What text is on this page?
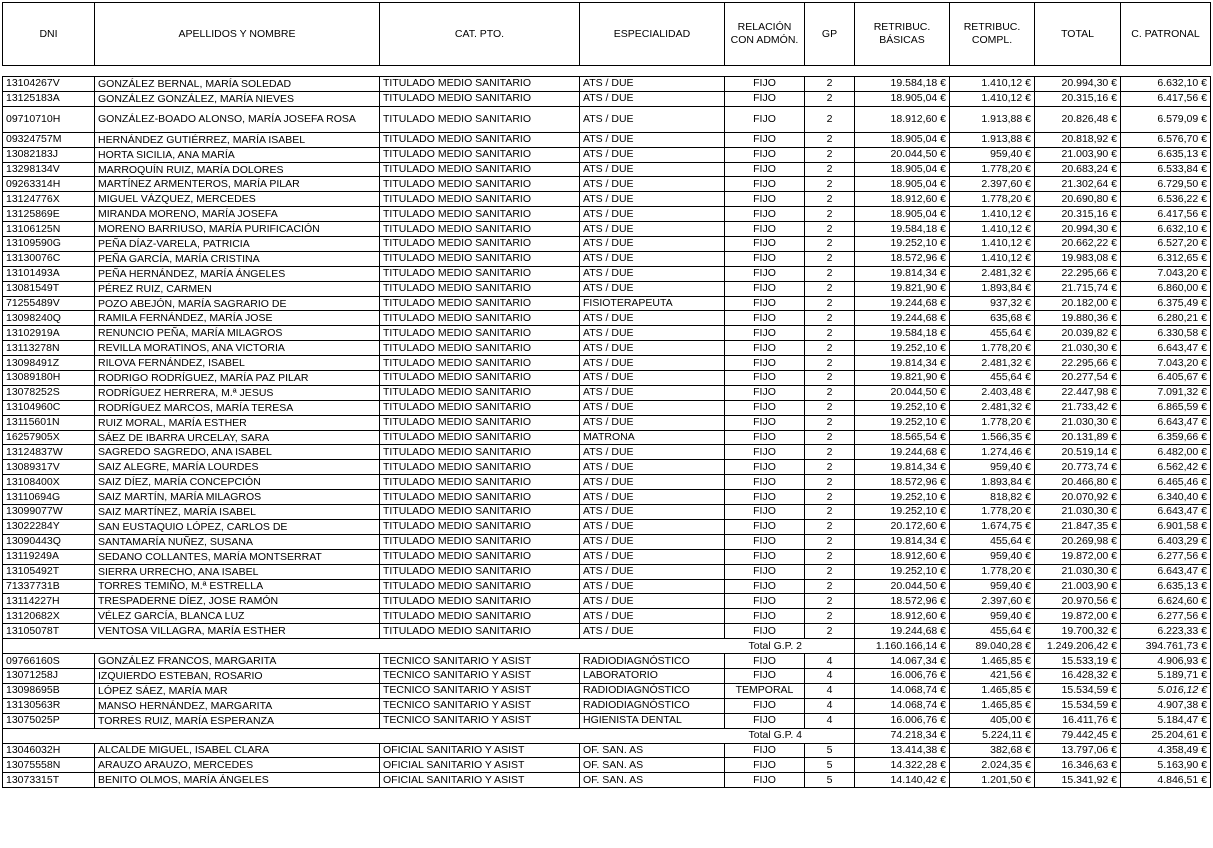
DNI	APELLIDOS Y NOMBRE	CAT. PTO.	ESPECIALIDAD	RELACIÓN CON ADMÓN.	GP	RETRIBUC. BÁSICAS	RETRIBUC. COMPL.	TOTAL	C. PATRONAL

13104267V	GONZÁLEZ BERNAL, MARÍA SOLEDAD	TITULADO MEDIO SANITARIO	ATS / DUE	FIJO	2	19.584,18 €	1.410,12 €	20.994,30 €	6.632,10 €
13125183A	GONZÁLEZ GONZÁLEZ, MARÍA NIEVES	TITULADO MEDIO SANITARIO	ATS / DUE	FIJO	2	18.905,04 €	1.410,12 €	20.315,16 €	6.417,56 €
09710710H	GONZÁLEZ-BOADO ALONSO, MARÍA JOSEFA ROSA	TITULADO MEDIO SANITARIO	ATS / DUE	FIJO	2	18.912,60 €	1.913,88 €	20.826,48 €	6.579,09 €
09324757M	HERNÁNDEZ GUTIÉRREZ, MARÍA ISABEL	TITULADO MEDIO SANITARIO	ATS / DUE	FIJO	2	18.905,04 €	1.913,88 €	20.818,92 €	6.576,70 €
13082183J	HORTA SICILIA, ANA MARÍA	TITULADO MEDIO SANITARIO	ATS / DUE	FIJO	2	20.044,50 €	959,40 €	21.003,90 €	6.635,13 €
13298134V	MARROQUÍN RUIZ, MARÍA DOLORES	TITULADO MEDIO SANITARIO	ATS / DUE	FIJO	2	18.905,04 €	1.778,20 €	20.683,24 €	6.533,84 €
09263314H	MARTÍNEZ ARMENTEROS, MARÍA PILAR	TITULADO MEDIO SANITARIO	ATS / DUE	FIJO	2	18.905,04 €	2.397,60 €	21.302,64 €	6.729,50 €
13124776X	MIGUEL VÁZQUEZ, MERCEDES	TITULADO MEDIO SANITARIO	ATS / DUE	FIJO	2	18.912,60 €	1.778,20 €	20.690,80 €	6.536,22 €
13125869E	MIRANDA MORENO, MARÍA JOSEFA	TITULADO MEDIO SANITARIO	ATS / DUE	FIJO	2	18.905,04 €	1.410,12 €	20.315,16 €	6.417,56 €
13106125N	MORENO BARRIUSO, MARÍA PURIFICACIÓN	TITULADO MEDIO SANITARIO	ATS / DUE	FIJO	2	19.584,18 €	1.410,12 €	20.994,30 €	6.632,10 €
13109590G	PEÑA DÍAZ-VARELA, PATRICIA	TITULADO MEDIO SANITARIO	ATS / DUE	FIJO	2	19.252,10 €	1.410,12 €	20.662,22 €	6.527,20 €
13130076C	PEÑA GARCÍA, MARÍA CRISTINA	TITULADO MEDIO SANITARIO	ATS / DUE	FIJO	2	18.572,96 €	1.410,12 €	19.983,08 €	6.312,65 €
13101493A	PEÑA HERNÁNDEZ, MARÍA ÁNGELES	TITULADO MEDIO SANITARIO	ATS / DUE	FIJO	2	19.814,34 €	2.481,32 €	22.295,66 €	7.043,20 €
13081549T	PÉREZ RUIZ, CARMEN	TITULADO MEDIO SANITARIO	ATS / DUE	FIJO	2	19.821,90 €	1.893,84 €	21.715,74 €	6.860,00 €
71255489V	POZO ABEJÓN, MARÍA SAGRARIO DE	TITULADO MEDIO SANITARIO	FISIOTERAPEUTA	FIJO	2	19.244,68 €	937,32 €	20.182,00 €	6.375,49 €
13098240Q	RAMILA FERNÁNDEZ, MARÍA JOSE	TITULADO MEDIO SANITARIO	ATS / DUE	FIJO	2	19.244,68 €	635,68 €	19.880,36 €	6.280,21 €
13102919A	RENUNCIO PEÑA, MARÍA MILAGROS	TITULADO MEDIO SANITARIO	ATS / DUE	FIJO	2	19.584,18 €	455,64 €	20.039,82 €	6.330,58 €
13113278N	REVILLA MORATINOS, ANA VICTORIA	TITULADO MEDIO SANITARIO	ATS / DUE	FIJO	2	19.252,10 €	1.778,20 €	21.030,30 €	6.643,47 €
13098491Z	RILOVA FERNÁNDEZ, ISABEL	TITULADO MEDIO SANITARIO	ATS / DUE	FIJO	2	19.814,34 €	2.481,32 €	22.295,66 €	7.043,20 €
13089180H	RODRIGO RODRÍGUEZ, MARÍA PAZ PILAR	TITULADO MEDIO SANITARIO	ATS / DUE	FIJO	2	19.821,90 €	455,64 €	20.277,54 €	6.405,67 €
13078252S	RODRÍGUEZ HERRERA, M.ª JESUS	TITULADO MEDIO SANITARIO	ATS / DUE	FIJO	2	20.044,50 €	2.403,48 €	22.447,98 €	7.091,32 €
13104960C	RODRÍGUEZ MARCOS, MARÍA TERESA	TITULADO MEDIO SANITARIO	ATS / DUE	FIJO	2	19.252,10 €	2.481,32 €	21.733,42 €	6.865,59 €
13115601N	RUIZ MORAL, MARÍA ESTHER	TITULADO MEDIO SANITARIO	ATS / DUE	FIJO	2	19.252,10 €	1.778,20 €	21.030,30 €	6.643,47 €
16257905X	SÁEZ DE IBARRA URCELAY, SARA	TITULADO MEDIO SANITARIO	MATRONA	FIJO	2	18.565,54 €	1.566,35 €	20.131,89 €	6.359,66 €
13124837W	SAGREDO SAGREDO, ANA ISABEL	TITULADO MEDIO SANITARIO	ATS / DUE	FIJO	2	19.244,68 €	1.274,46 €	20.519,14 €	6.482,00 €
13089317V	SAIZ ALEGRE, MARÍA LOURDES	TITULADO MEDIO SANITARIO	ATS / DUE	FIJO	2	19.814,34 €	959,40 €	20.773,74 €	6.562,42 €
13108400X	SAIZ DÍEZ, MARÍA CONCEPCIÓN	TITULADO MEDIO SANITARIO	ATS / DUE	FIJO	2	18.572,96 €	1.893,84 €	20.466,80 €	6.465,46 €
13110694G	SAIZ MARTÍN, MARÍA MILAGROS	TITULADO MEDIO SANITARIO	ATS / DUE	FIJO	2	19.252,10 €	818,82 €	20.070,92 €	6.340,40 €
13099077W	SAIZ MARTÍNEZ, MARÍA ISABEL	TITULADO MEDIO SANITARIO	ATS / DUE	FIJO	2	19.252,10 €	1.778,20 €	21.030,30 €	6.643,47 €
13022284Y	SAN EUSTAQUIO LÓPEZ, CARLOS DE	TITULADO MEDIO SANITARIO	ATS / DUE	FIJO	2	20.172,60 €	1.674,75 €	21.847,35 €	6.901,58 €
13090443Q	SANTAMARÍA NUÑEZ, SUSANA	TITULADO MEDIO SANITARIO	ATS / DUE	FIJO	2	19.814,34 €	455,64 €	20.269,98 €	6.403,29 €
13119249A	SEDANO COLLANTES, MARÍA MONTSERRAT	TITULADO MEDIO SANITARIO	ATS / DUE	FIJO	2	18.912,60 €	959,40 €	19.872,00 €	6.277,56 €
13105492T	SIERRA URRECHO, ANA ISABEL	TITULADO MEDIO SANITARIO	ATS / DUE	FIJO	2	19.252,10 €	1.778,20 €	21.030,30 €	6.643,47 €
71337731B	TORRES TEMIÑO, M.ª ESTRELLA	TITULADO MEDIO SANITARIO	ATS / DUE	FIJO	2	20.044,50 €	959,40 €	21.003,90 €	6.635,13 €
13114227H	TRESPADERNE DÍEZ, JOSE RAMÓN	TITULADO MEDIO SANITARIO	ATS / DUE	FIJO	2	18.572,96 €	2.397,60 €	20.970,56 €	6.624,60 €
13120682X	VÉLEZ GARCÍA, BLANCA LUZ	TITULADO MEDIO SANITARIO	ATS / DUE	FIJO	2	18.912,60 €	959,40 €	19.872,00 €	6.277,56 €
13105078T	VENTOSA VILLAGRA, MARÍA ESTHER	TITULADO MEDIO SANITARIO	ATS / DUE	FIJO	2	19.244,68 €	455,64 €	19.700,32 €	6.223,33 €
Total G.P. 2						1.160.166,14 €	89.040,28 €	1.249.206,42 €	394.761,73 €
09766160S	GONZÁLEZ FRANCOS, MARGARITA	TECNICO SANITARIO Y ASIST	RADIODIAGNÓSTICO	FIJO	4	14.067,34 €	1.465,85 €	15.533,19 €	4.906,93 €
13071258J	IZQUIERDO ESTEBAN, ROSARIO	TECNICO SANITARIO Y ASIST	LABORATORIO	FIJO	4	16.006,76 €	421,56 €	16.428,32 €	5.189,71 €
13098695B	LÓPEZ SÁEZ, MARÍA MAR	TECNICO SANITARIO Y ASIST	RADIODIAGNÓSTICO	TEMPORAL	4	14.068,74 €	1.465,85 €	15.534,59 €	5.016,12 €
13130563R	MANSO HERNÁNDEZ, MARGARITA	TECNICO SANITARIO Y ASIST	RADIODIAGNÓSTICO	FIJO	4	14.068,74 €	1.465,85 €	15.534,59 €	4.907,38 €
13075025P	TORRES RUIZ, MARÍA ESPERANZA	TECNICO SANITARIO Y ASIST	HGIENISTA DENTAL	FIJO	4	16.006,76 €	405,00 €	16.411,76 €	5.184,47 €
Total G.P. 4						74.218,34 €	5.224,11 €	79.442,45 €	25.204,61 €
13046032H	ALCALDE MIGUEL, ISABEL CLARA	OFICIAL SANITARIO Y ASIST	OF. SAN. AS	FIJO	5	13.414,38 €	382,68 €	13.797,06 €	4.358,49 €
13075558N	ARAUZO ARAUZO, MERCEDES	OFICIAL SANITARIO Y ASIST	OF. SAN. AS	FIJO	5	14.322,28 €	2.024,35 €	16.346,63 €	5.163,90 €
13073315T	BENITO OLMOS, MARÍA ÁNGELES	OFICIAL SANITARIO Y ASIST	OF. SAN. AS	FIJO	5	14.140,42 €	1.201,50 €	15.341,92 €	4.846,51 €
